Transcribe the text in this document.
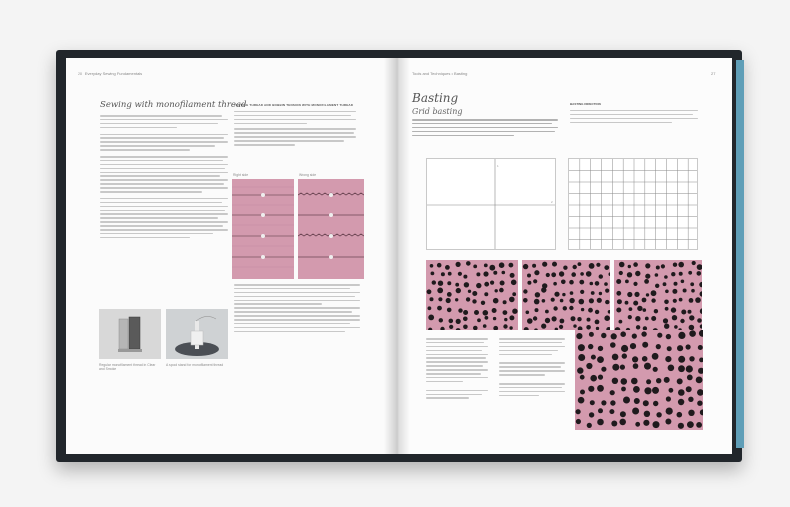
28   Everyday Sewing Fundamentals
Sewing with monofilament thread
TESTING THREAD AND BOBBIN TENSION WITH MONOFILAMENT THREAD
Right side	Wrong side
Regular monofilament thread in Clear and Smoke
A spool stand for monofilament thread
Tools and Techniques • Basting	27
Basting
Grid basting
BASTING DIRECTION
1
2
